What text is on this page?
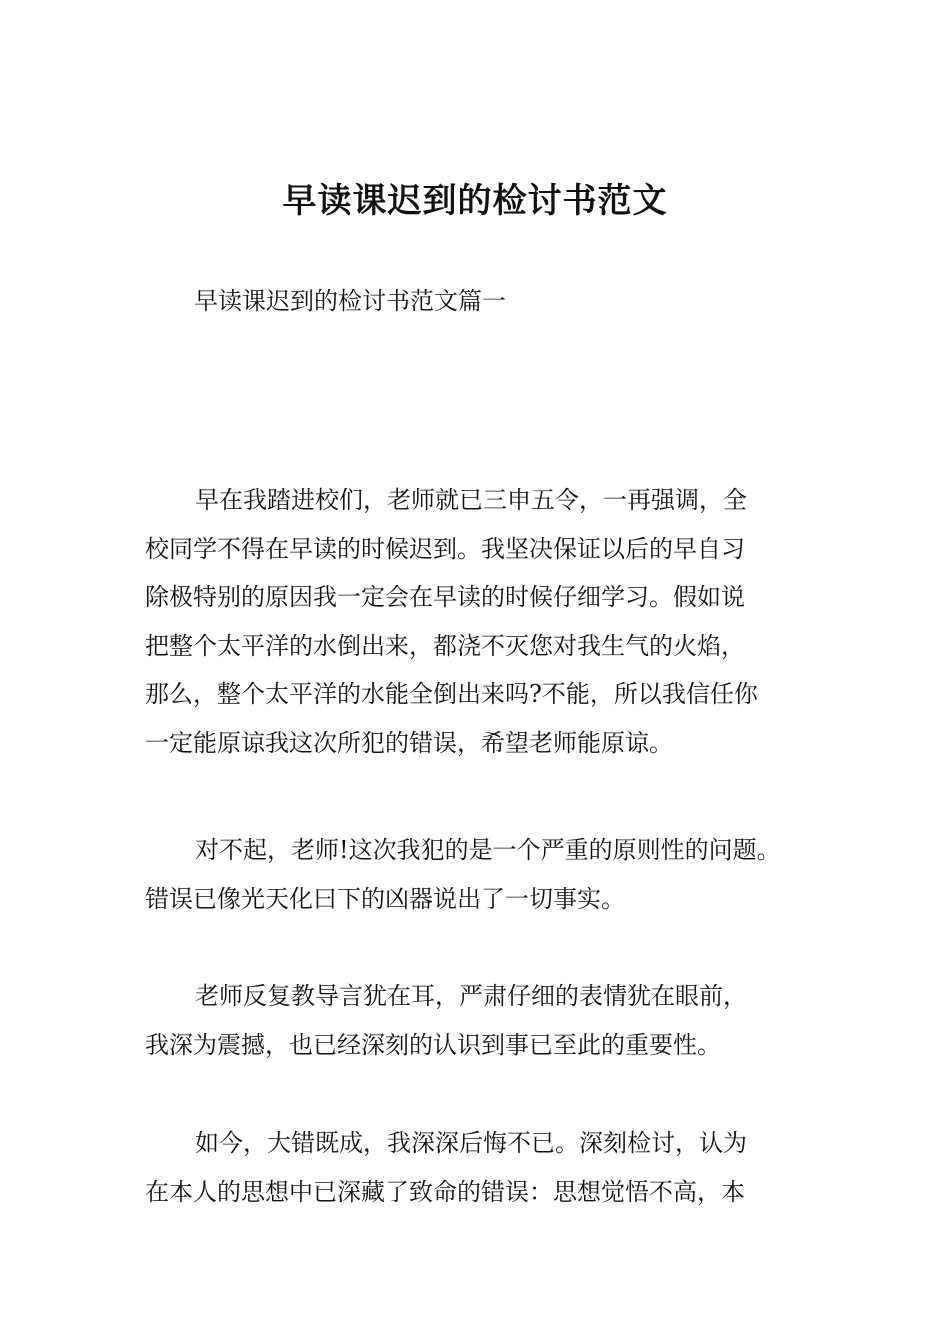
早读课迟到的检讨书范文
早读课迟到的检讨书范文篇一
早在我踏进校们，老师就已三申五令，一再强调，全
校同学不得在早读的时候迟到。我坚决保证以后的早自习
除极特别的原因我一定会在早读的时候仔细学习。假如说
把整个太平洋的水倒出来，都浇不灭您对我生气的火焰，
那么，整个太平洋的水能全倒出来吗?不能，所以我信任你
一定能原谅我这次所犯的错误，希望老师能原谅。
对不起，老师!这次我犯的是一个严重的原则性的问题。
错误已像光天化曰下的凶器说出了一切事实。
老师反复教导言犹在耳，严肃仔细的表情犹在眼前，
我深为震撼，也已经深刻的认识到事已至此的重要性。
如今，大错既成，我深深后悔不已。深刻检讨，认为
在本人的思想中已深藏了致命的错误：思想觉悟不高，本
